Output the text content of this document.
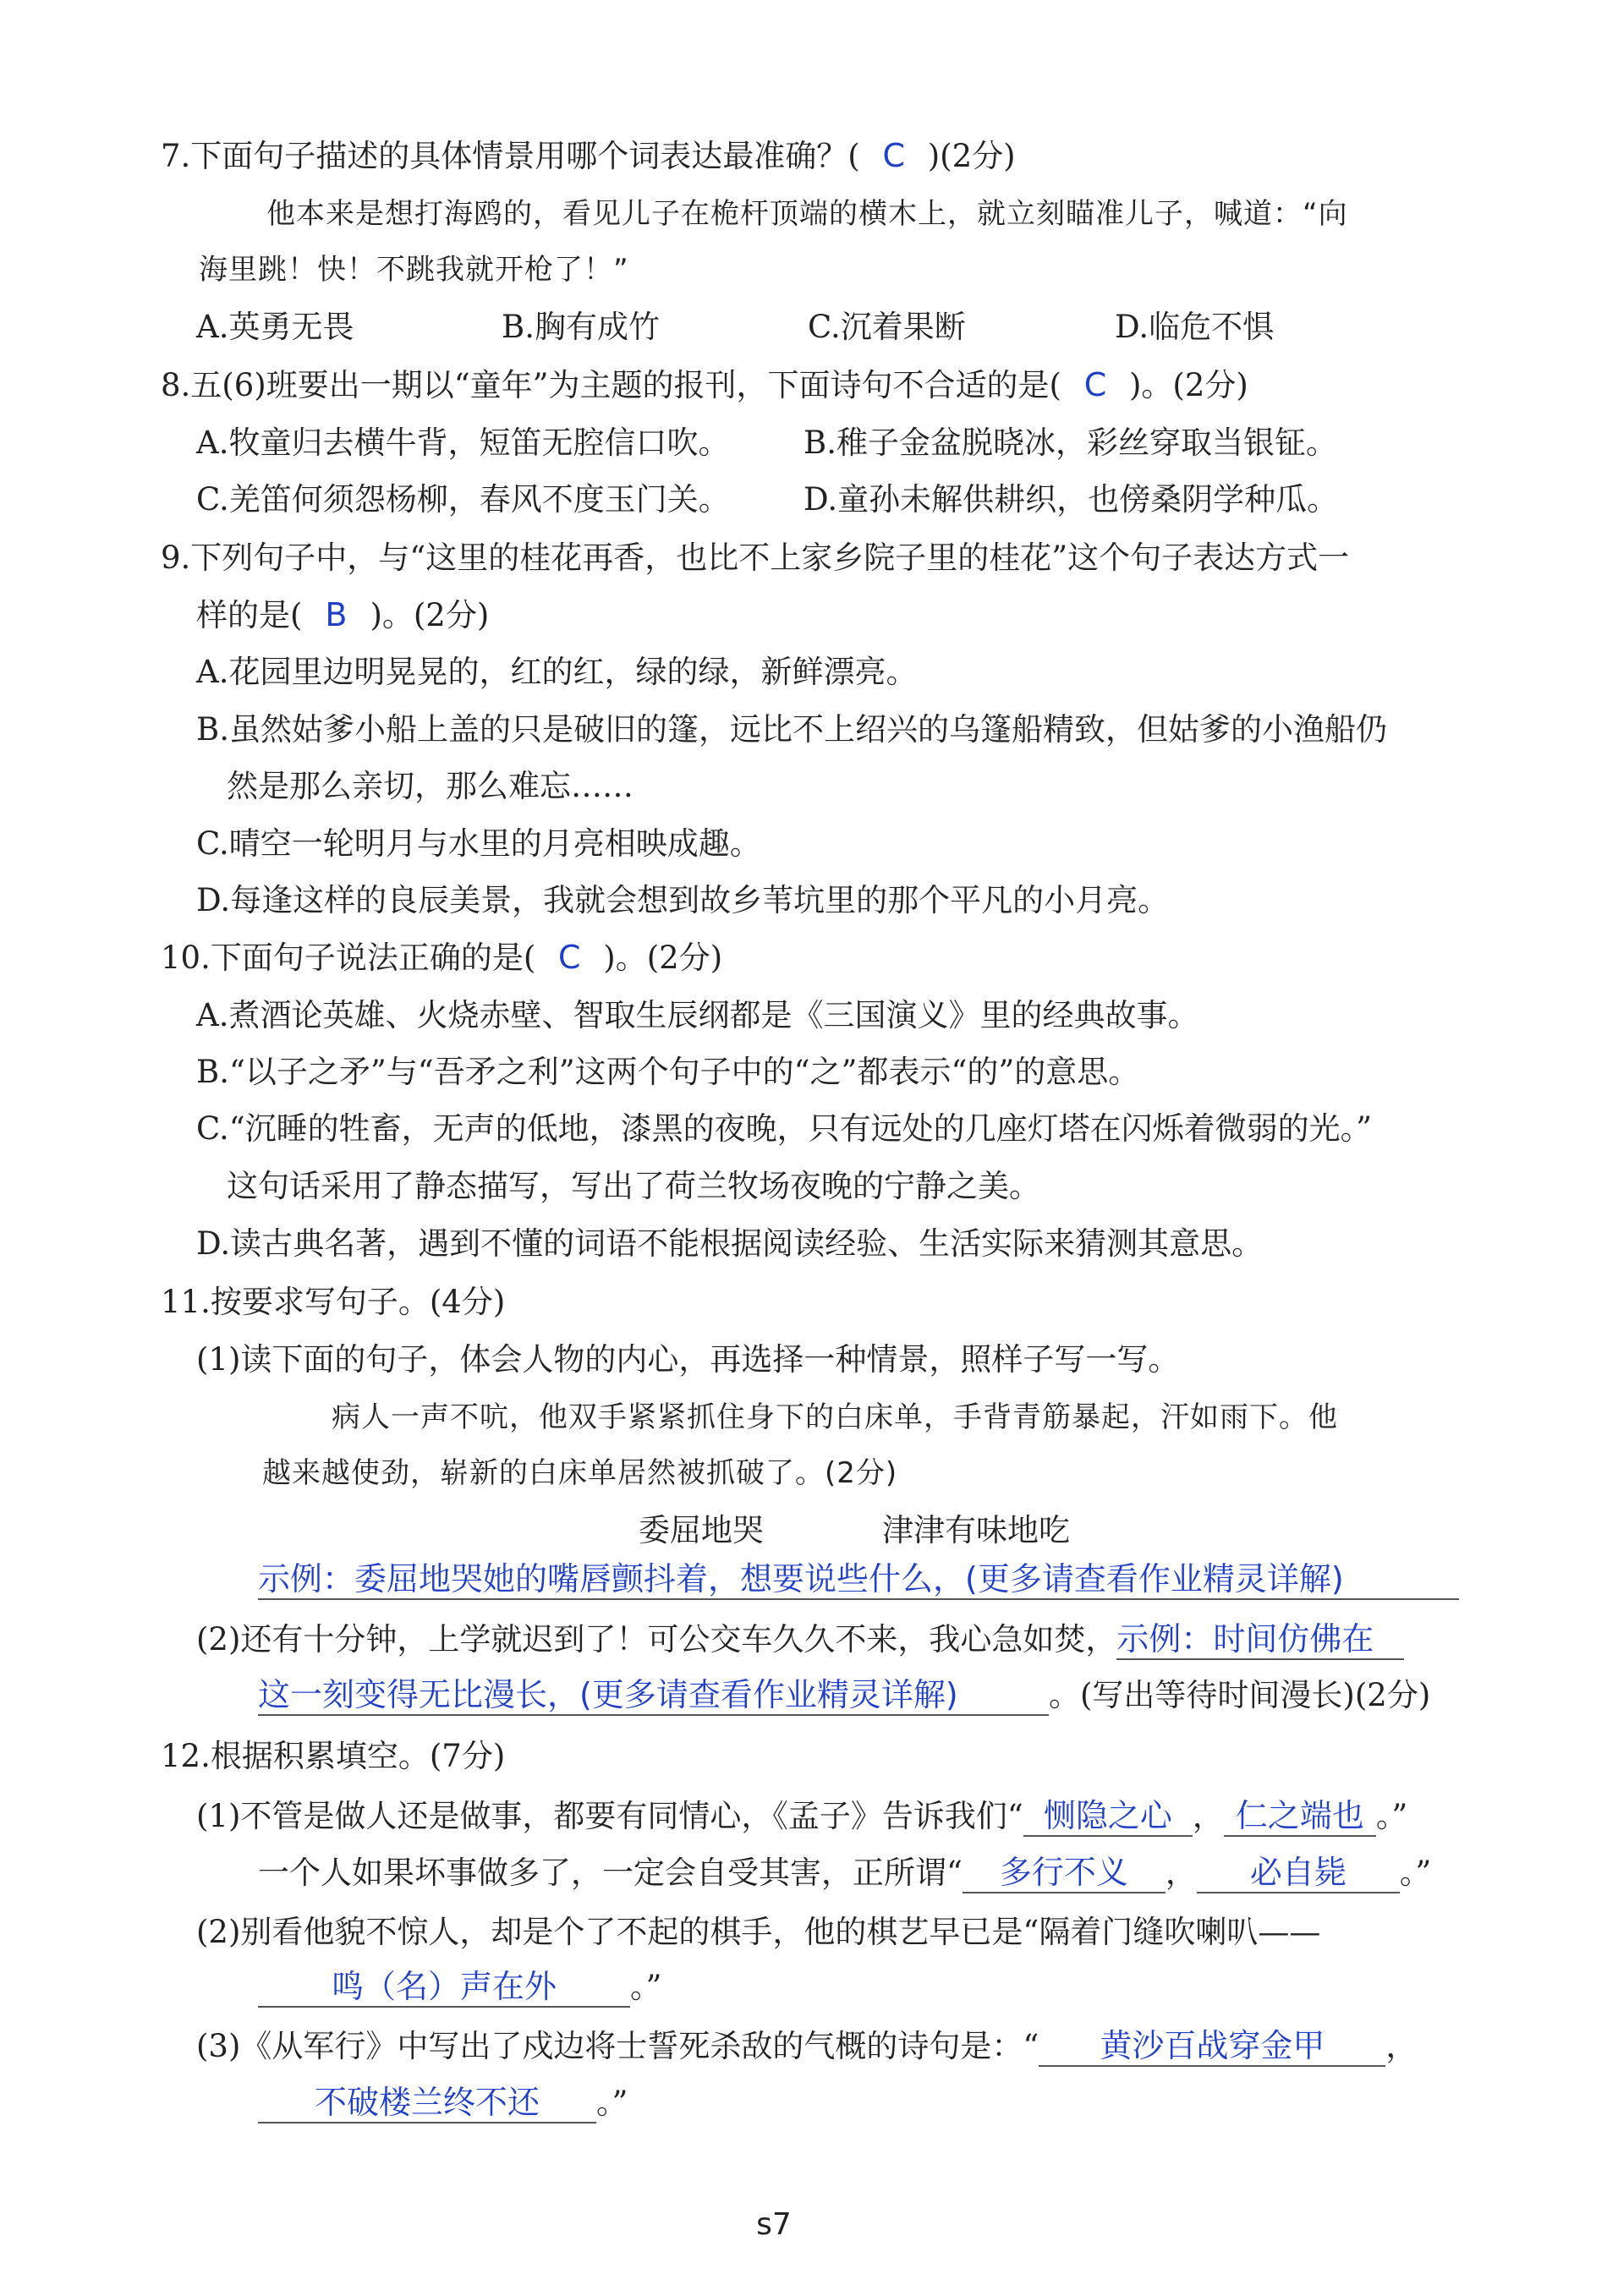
7.下面句子描述的具体情景用哪个词表达最准确？( C )(2分)
他本来是想打海鸥的，看见儿子在桅杆顶端的横木上，就立刻瞄准儿子，喊道：“向
海里跳！快！不跳我就开枪了！”
A.英勇无畏	B.胸有成竹	C.沉着果断	D.临危不惧
8.五(6)班要出一期以“童年”为主题的报刊，下面诗句不合适的是( C )。(2分)
A.牧童归去横牛背，短笛无腔信口吹。 B.稚子金盆脱晓冰，彩丝穿取当银钲。
C.羌笛何须怨杨柳，春风不度玉门关。 D.童孙未解供耕织，也傍桑阴学种瓜。
9.下列句子中，与“这里的桂花再香，也比不上家乡院子里的桂花”这个句子表达方式一
样的是( B )。(2分)
A.花园里边明晃晃的，红的红，绿的绿，新鲜漂亮。
B.虽然姑爹小船上盖的只是破旧的篷，远比不上绍兴的乌篷船精致，但姑爹的小渔船仍
然是那么亲切，那么难忘……
C.晴空一轮明月与水里的月亮相映成趣。
D.每逢这样的良辰美景，我就会想到故乡苇坑里的那个平凡的小月亮。
10.下面句子说法正确的是( C )。(2分)
A.煮酒论英雄、火烧赤壁、智取生辰纲都是《三国演义》里的经典故事。
B.“以子之矛”与“吾矛之利”这两个句子中的“之”都表示“的”的意思。
C.“沉睡的牲畜，无声的低地，漆黑的夜晚，只有远处的几座灯塔在闪烁着微弱的光。”
这句话采用了静态描写，写出了荷兰牧场夜晚的宁静之美。
D.读古典名著，遇到不懂的词语不能根据阅读经验、生活实际来猜测其意思。
11.按要求写句子。(4分)
(1)读下面的句子，体会人物的内心，再选择一种情景，照样子写一写。
病人一声不吭，他双手紧紧抓住身下的白床单，手背青筋暴起，汗如雨下。他
越来越使劲，崭新的白床单居然被抓破了。(2分)
委屈地哭	津津有味地吃
示例：委屈地哭她的嘴唇颤抖着，想要说些什么，(更多请查看作业精灵详解)
(2)还有十分钟，上学就迟到了！可公交车久久不来，我心急如焚，示例：时间仿佛在
这一刻变得无比漫长，(更多请查看作业精灵详解)	。(写出等待时间漫长)(2分)
12.根据积累填空。(7分)
(1)不管是做人还是做事，都要有同情心，《孟子》告诉我们“ 恻隐之心 ， 仁之端也 。”
一个人如果坏事做多了，一定会自受其害，正所谓“ 多行不义 ， 必自毙 。”
(2)别看他貌不惊人，却是个了不起的棋手，他的棋艺早已是“隔着门缝吹喇叭——
鸣（名）声在外 。”
(3)《从军行》中写出了戍边将士誓死杀敌的气概的诗句是：“ 黄沙百战穿金甲 ，
不破楼兰终不还 。”
s7
